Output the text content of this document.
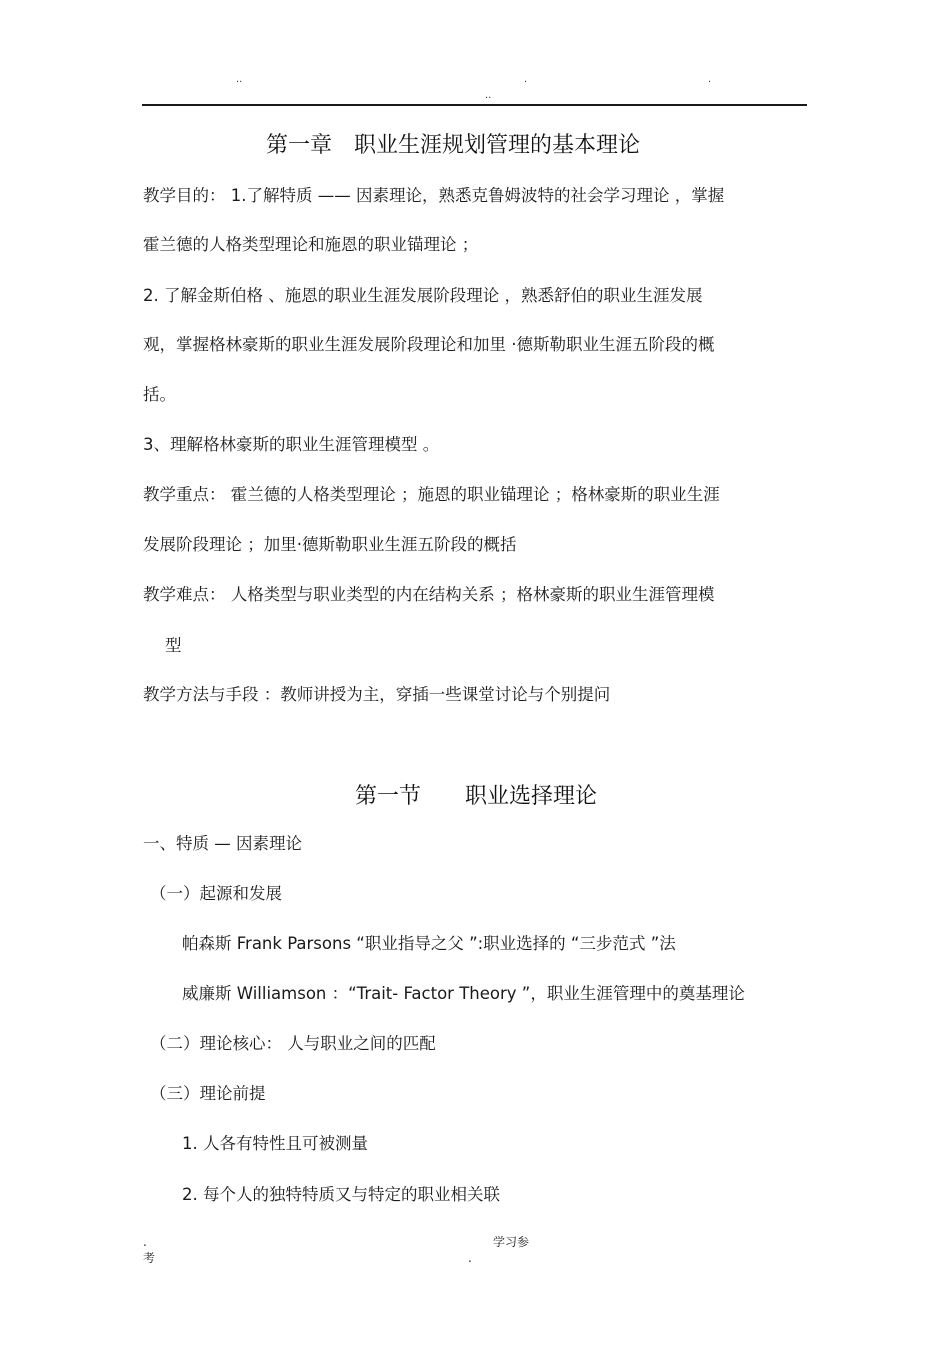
..	.	.
..
第一章　职业生涯规划管理的基本理论
教学目的： 1.了解特质 —— 因素理论，熟悉克鲁姆波特的社会学习理论 ，掌握
霍兰德的人格类型理论和施恩的职业锚理论 ；
2. 了解金斯伯格 、施恩的职业生涯发展阶段理论 ，熟悉舒伯的职业生涯发展
观，掌握格林豪斯的职业生涯发展阶段理论和加里 ·德斯勒职业生涯五阶段的概
括。
3、理解格林豪斯的职业生涯管理模型 。
教学重点： 霍兰德的人格类型理论 ；施恩的职业锚理论 ；格林豪斯的职业生涯
发展阶段理论 ；加里·德斯勒职业生涯五阶段的概括
教学难点： 人格类型与职业类型的内在结构关系 ；格林豪斯的职业生涯管理模
型
教学方法与手段 ：教师讲授为主，穿插一些课堂讨论与个别提问
第一节　　职业选择理论
一、特质 — 因素理论
（一）起源和发展
帕森斯 Frank Parsons “职业指导之父 ”:职业选择的 “三步范式 ”法
威廉斯 Williamson ：“Trait- Factor Theory ”，职业生涯管理中的奠基理论
（二）理论核心： 人与职业之间的匹配
（三）理论前提
1. 人各有特性且可被测量
2. 每个人的独特特质又与特定的职业相关联
.
考
学习参
.
